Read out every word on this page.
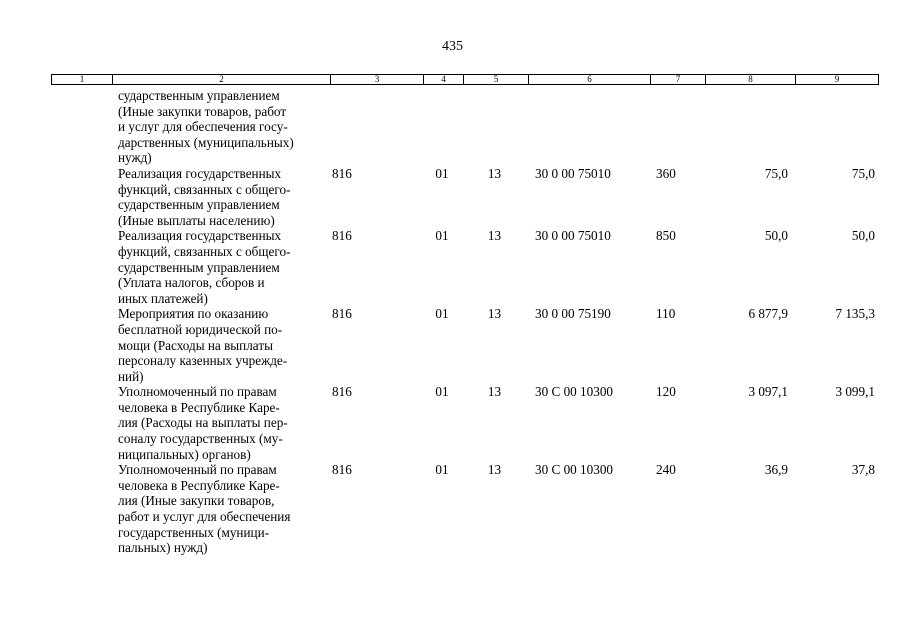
435
1	2	3	4	5	6	7	8	9
сударственным управлением
(Иные закупки товаров, работ
и услуг для обеспечения госу-
дарственных (муниципальных)
нужд)
Реализация государственных
функций, связанных с общего-
сударственным управлением
(Иные выплаты населению)
816	01	13	30 0 00 75010	360	75,0	75,0
Реализация государственных
функций, связанных с общего-
сударственным управлением
(Уплата налогов, сборов и
иных платежей)
816	01	13	30 0 00 75010	850	50,0	50,0
Мероприятия по оказанию
бесплатной юридической по-
мощи (Расходы на выплаты
персоналу казенных учрежде-
ний)
816	01	13	30 0 00 75190	110	6 877,9	7 135,3
Уполномоченный по правам
человека в Республике Каре-
лия (Расходы на выплаты пер-
соналу государственных (му-
ниципальных) органов)
816	01	13	30 С 00 10300	120	3 097,1	3 099,1
Уполномоченный по правам
человека в Республике Каре-
лия (Иные закупки товаров,
работ и услуг для обеспечения
государственных (муници-
пальных) нужд)
816	01	13	30 С 00 10300	240	36,9	37,8
